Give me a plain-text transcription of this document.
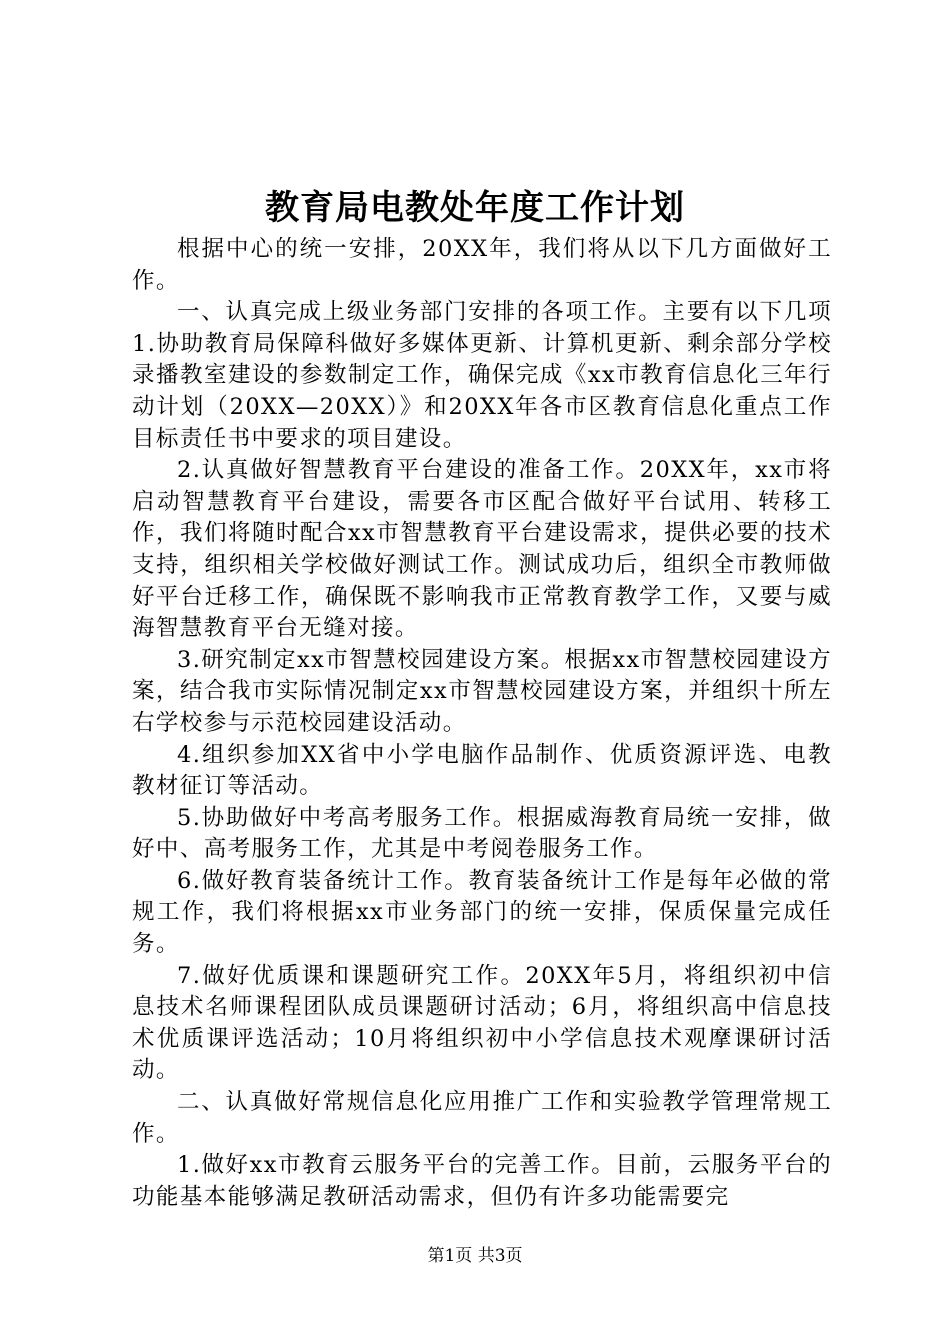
教育局电教处年度工作计划

根据中心的统一安排，20XX年，我们将从以下几方面做好工作。

一、认真完成上级业务部门安排的各项工作。主要有以下几项1.协助教育局保障科做好多媒体更新、计算机更新、剩余部分学校录播教室建设的参数制定工作，确保完成《xx市教育信息化三年行动计划（20XX—20XX）》和20XX年各市区教育信息化重点工作目标责任书中要求的项目建设。

2.认真做好智慧教育平台建设的准备工作。20XX年，xx市将启动智慧教育平台建设，需要各市区配合做好平台试用、转移工作，我们将随时配合xx市智慧教育平台建设需求，提供必要的技术支持，组织相关学校做好测试工作。测试成功后，组织全市教师做好平台迁移工作，确保既不影响我市正常教育教学工作，又要与威海智慧教育平台无缝对接。

3.研究制定xx市智慧校园建设方案。根据xx市智慧校园建设方案，结合我市实际情况制定xx市智慧校园建设方案，并组织十所左右学校参与示范校园建设活动。

4.组织参加XX省中小学电脑作品制作、优质资源评选、电教教材征订等活动。

5.协助做好中考高考服务工作。根据威海教育局统一安排，做好中、高考服务工作，尤其是中考阅卷服务工作。

6.做好教育装备统计工作。教育装备统计工作是每年必做的常规工作，我们将根据xx市业务部门的统一安排，保质保量完成任务。

7.做好优质课和课题研究工作。20XX年5月，将组织初中信息技术名师课程团队成员课题研讨活动；6月，将组织高中信息技术优质课评选活动；10月将组织初中小学信息技术观摩课研讨活动。

二、认真做好常规信息化应用推广工作和实验教学管理常规工作。

1.做好xx市教育云服务平台的完善工作。目前，云服务平台的功能基本能够满足教研活动需求，但仍有许多功能需要完

第1页 共3页
